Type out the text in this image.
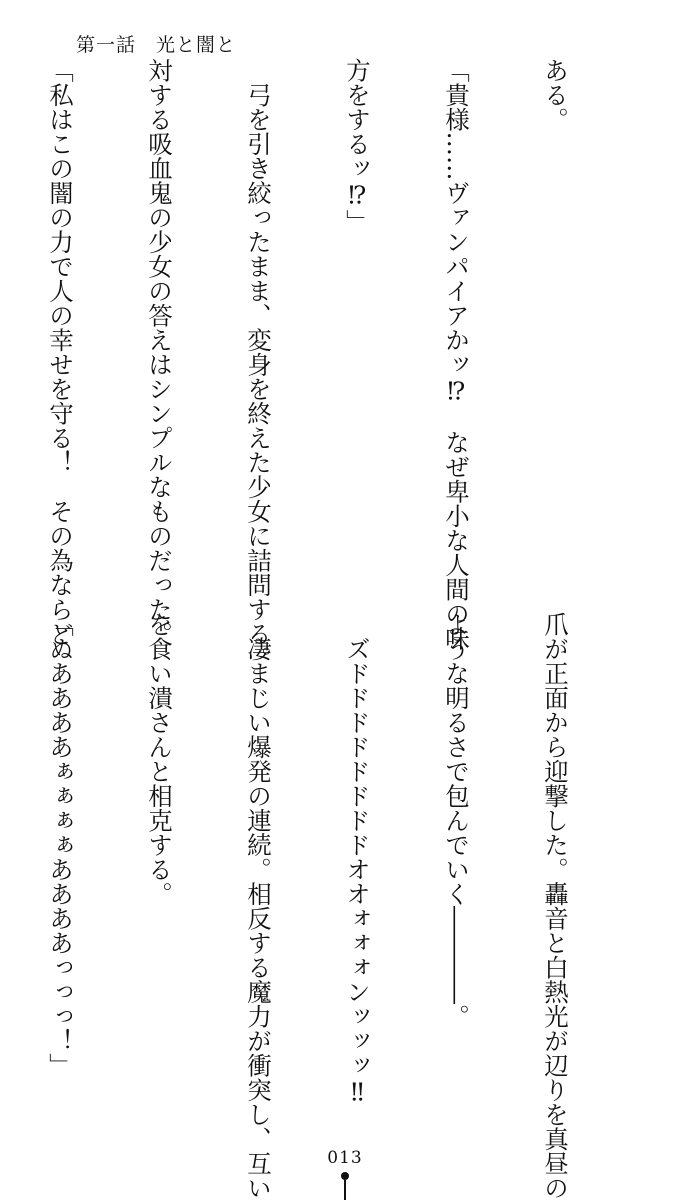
第一話　光と闇と

ある。

「貴様……ヴァンパイアかッ⁉　なぜ卑小な人間の味

方をするッ⁉」

　弓を引き絞ったまま、変身を終えた少女に詰問する。

対する吸血鬼の少女の答えはシンプルなものだった。

「私はこの闇の力で人の幸せを守る！　その為ならど

爪が正面から迎撃した。轟音と白熱光が辺りを真昼の

ような明るさで包んでいく――――。

　ズドドドドドドドドオオォォォンッッッ‼

　凄まじい爆発の連続。相反する魔力が衝突し、互い

を食い潰さんと相克する。

「ぬああああぁぁぁぁああああっっっ！」

013
